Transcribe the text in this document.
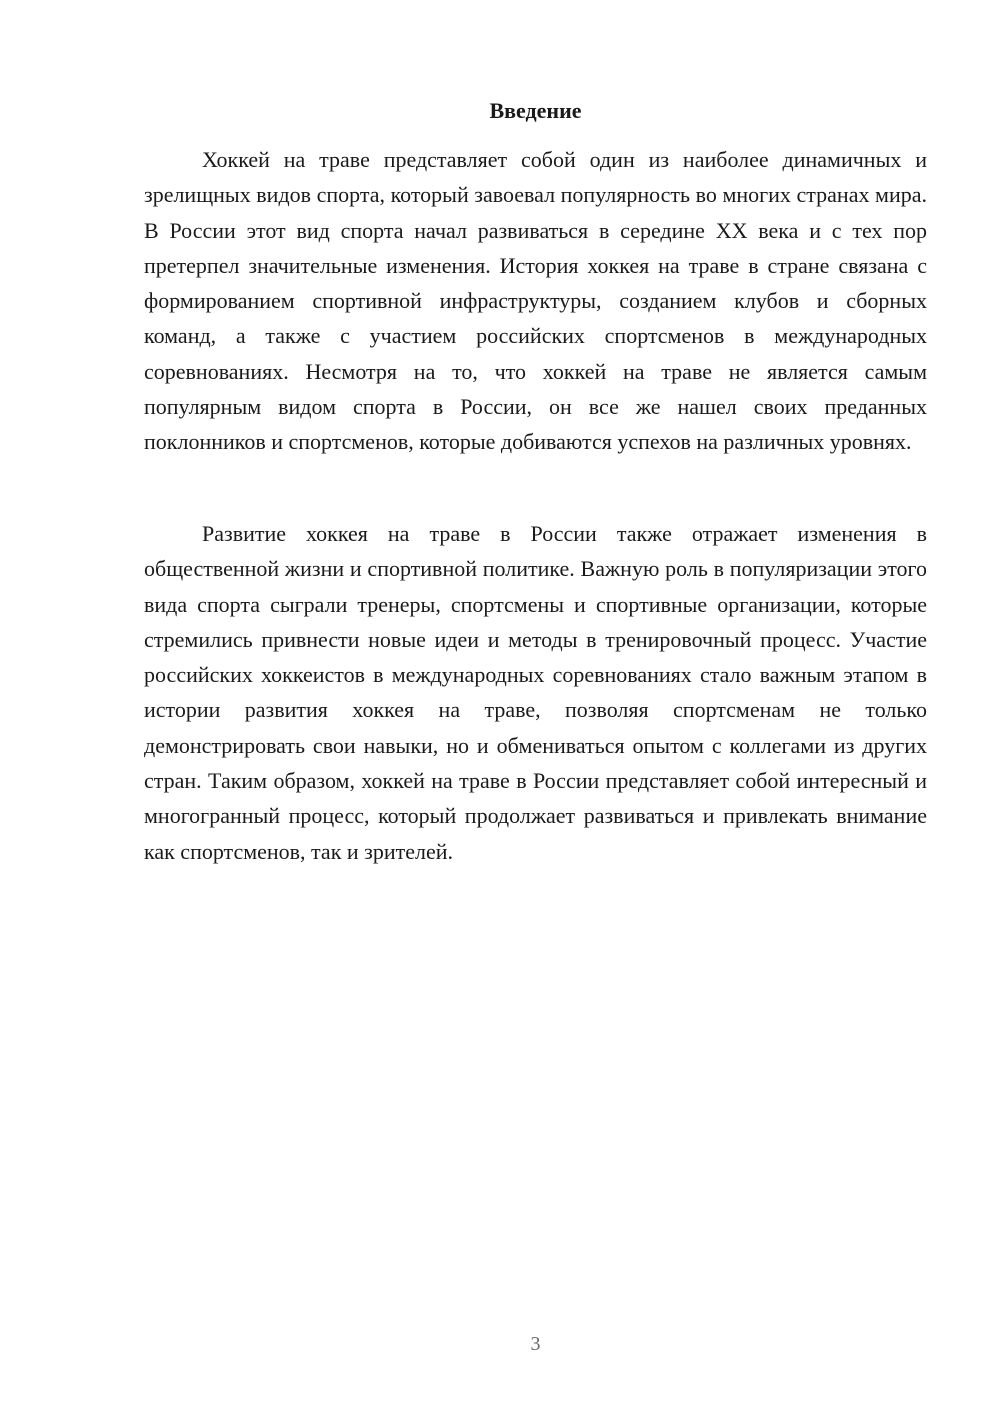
Введение

Хоккей на траве представляет собой один из наиболее динамичных и зрелищных видов спорта, который завоевал популярность во многих странах мира. В России этот вид спорта начал развиваться в середине XX века и с тех пор претерпел значительные изменения. История хоккея на траве в стране связана с формированием спортивной инфраструктуры, созданием клубов и сборных команд, а также с участием российских спортсменов в международных соревнованиях. Несмотря на то, что хоккей на траве не является самым популярным видом спорта в России, он все же нашел своих преданных поклонников и спортсменов, которые добиваются успехов на различных уровнях.

Развитие хоккея на траве в России также отражает изменения в общественной жизни и спортивной политике. Важную роль в популяризации этого вида спорта сыграли тренеры, спортсмены и спортивные организации, которые стремились привнести новые идеи и методы в тренировочный процесс. Участие российских хоккеистов в международных соревнованиях стало важным этапом в истории развития хоккея на траве, позволяя спортсменам не только демонстрировать свои навыки, но и обмениваться опытом с коллегами из других стран. Таким образом, хоккей на траве в России представляет собой интересный и многогранный процесс, который продолжает развиваться и привлекать внимание как спортсменов, так и зрителей.

3
